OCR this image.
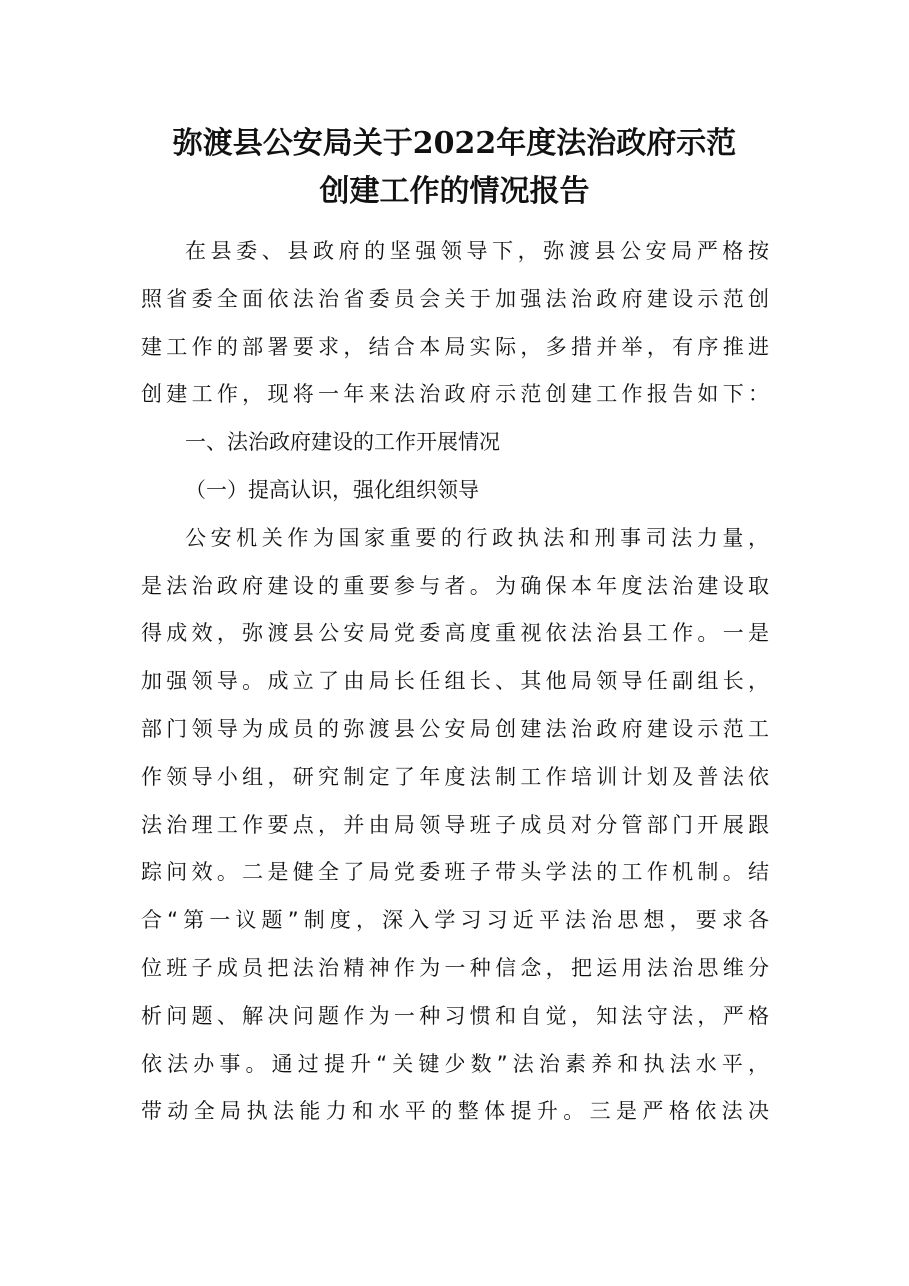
弥渡县公安局关于2022年度法治政府示范
创建工作的情况报告
在县委、县政府的坚强领导下，弥渡县公安局严格按
照省委全面依法治省委员会关于加强法治政府建设示范创
建工作的部署要求，结合本局实际，多措并举，有序推进
创建工作，现将一年来法治政府示范创建工作报告如下：
一、法治政府建设的工作开展情况
（一）提高认识，强化组织领导
公安机关作为国家重要的行政执法和刑事司法力量，
是法治政府建设的重要参与者。为确保本年度法治建设取
得成效，弥渡县公安局党委高度重视依法治县工作。一是
加强领导。成立了由局长任组长、其他局领导任副组长，
部门领导为成员的弥渡县公安局创建法治政府建设示范工
作领导小组，研究制定了年度法制工作培训计划及普法依
法治理工作要点，并由局领导班子成员对分管部门开展跟
踪问效。二是健全了局党委班子带头学法的工作机制。结
合“第一议题”制度，深入学习习近平法治思想，要求各
位班子成员把法治精神作为一种信念，把运用法治思维分
析问题、解决问题作为一种习惯和自觉，知法守法，严格
依法办事。通过提升“关键少数”法治素养和执法水平，
带动全局执法能力和水平的整体提升。三是严格依法决
